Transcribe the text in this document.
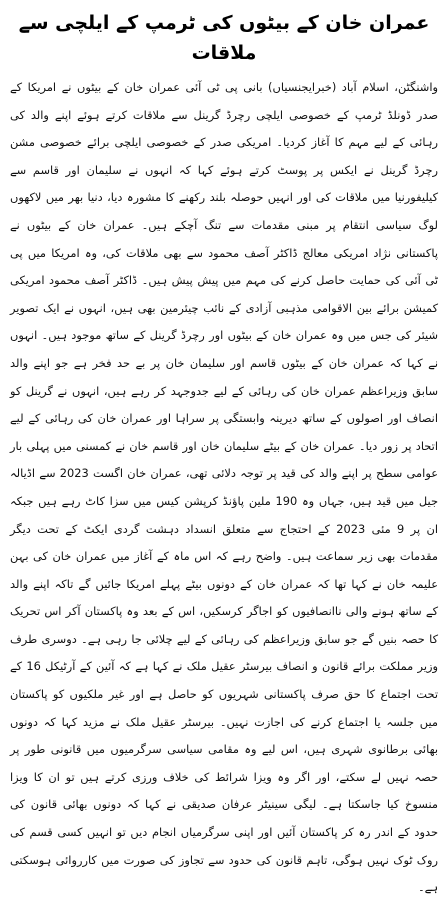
عمران خان کے بیٹوں کی ٹرمپ کے ایلچی سے ملاقات

واشنگٹن، اسلام آباد (خبرایجنسیاں) بانی پی ٹی آئی عمران خان کے بیٹوں نے امریکا کے صدر ڈونلڈ ٹرمپ کے خصوصی ایلچی رچرڈ گرینل سے ملاقات کرتے ہوئے اپنے والد کی رہائی کے لیے مہم کا آغاز کردیا۔ امریکی صدر کے خصوصی ایلچی برائے خصوصی مشن رچرڈ گرینل نے ایکس پر پوسٹ کرتے ہوئے کہا کہ انہوں نے سلیمان اور قاسم سے کیلیفورنیا میں ملاقات کی اور انہیں حوصلہ بلند رکھنے کا مشورہ دیا، دنیا بھر میں لاکھوں لوگ سیاسی انتقام پر مبنی مقدمات سے تنگ آچکے ہیں۔ عمران خان کے بیٹوں نے پاکستانی نژاد امریکی معالج ڈاکٹر آصف محمود سے بھی ملاقات کی، وہ امریکا میں پی ٹی آئی کی حمایت حاصل کرنے کی مہم میں پیش پیش ہیں۔ ڈاکٹر آصف محمود امریکی کمیشن برائے بین الاقوامی مذہبی آزادی کے نائب چیئرمین بھی ہیں، انہوں نے ایک تصویر شیئر کی جس میں وہ عمران خان کے بیٹوں اور رچرڈ گرینل کے ساتھ موجود ہیں۔ انہوں نے کہا کہ عمران خان کے بیٹوں قاسم اور سلیمان خان پر بے حد فخر ہے جو اپنے والد سابق وزیراعظم عمران خان کی رہائی کے لیے جدوجہد کر رہے ہیں، انہوں نے گرینل کو انصاف اور اصولوں کے ساتھ دیرینہ وابستگی پر سراہا اور عمران خان کی رہائی کے لیے اتحاد پر زور دیا۔ عمران خان کے بیٹے سلیمان خان اور قاسم خان نے کمسنی میں پہلی بار عوامی سطح پر اپنے والد کی قید پر توجہ دلائی تھی، عمران خان اگست 2023 سے اڈیالہ جیل میں قید ہیں، جہاں وہ 190 ملین پاؤنڈ کرپشن کیس میں سزا کاٹ رہے ہیں جبکہ ان پر 9 مئی 2023 کے احتجاج سے متعلق انسداد دہشت گردی ایکٹ کے تحت دیگر مقدمات بھی زیر سماعت ہیں۔ واضح رہے کہ اس ماہ کے آغاز میں عمران خان کی بہن علیمہ خان نے کہا تھا کہ عمران خان کے دونوں بیٹے پہلے امریکا جائیں گے تاکہ اپنے والد کے ساتھ ہونے والی ناانصافیوں کو اجاگر کرسکیں، اس کے بعد وہ پاکستان آکر اس تحریک کا حصہ بنیں گے جو سابق وزیراعظم کی رہائی کے لیے چلائی جا رہی ہے۔ دوسری طرف وزیر مملکت برائے قانون و انصاف بیرسٹر عقیل ملک نے کہا ہے کہ آئین کے آرٹیکل 16 کے تحت اجتماع کا حق صرف پاکستانی شہریوں کو حاصل ہے اور غیر ملکیوں کو پاکستان میں جلسہ یا اجتماع کرنے کی اجازت نہیں۔ بیرسٹر عقیل ملک نے مزید کہا کہ دونوں بھائی برطانوی شہری ہیں، اس لیے وہ مقامی سیاسی سرگرمیوں میں قانونی طور پر حصہ نہیں لے سکتے، اور اگر وہ ویزا شرائط کی خلاف ورزی کرتے ہیں تو ان کا ویزا منسوخ کیا جاسکتا ہے۔ لیگی سینیٹر عرفان صدیقی نے کہا کہ دونوں بھائی قانون کی حدود کے اندر رہ کر پاکستان آئیں اور اپنی سرگرمیاں انجام دیں تو انہیں کسی قسم کی روک ٹوک نہیں ہوگی، تاہم قانون کی حدود سے تجاوز کی صورت میں کارروائی ہوسکتی ہے۔
